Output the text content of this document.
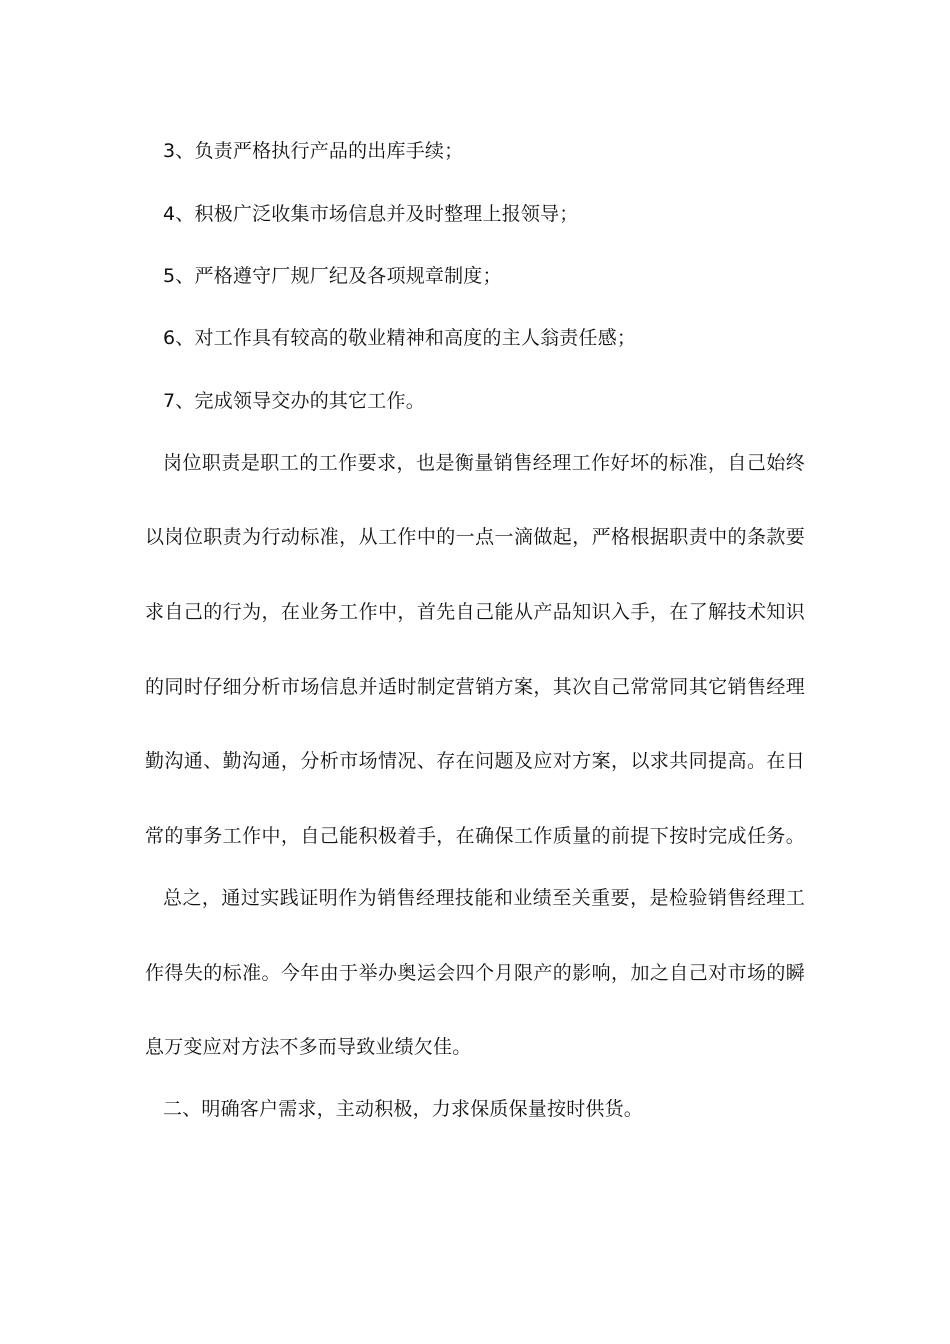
3、负责严格执行产品的出库手续；
4、积极广泛收集市场信息并及时整理上报领导；
5、严格遵守厂规厂纪及各项规章制度；
6、对工作具有较高的敬业精神和高度的主人翁责任感；
7、完成领导交办的其它工作。
岗位职责是职工的工作要求，也是衡量销售经理工作好坏的标准，自己始终
以岗位职责为行动标准，从工作中的一点一滴做起，严格根据职责中的条款要
求自己的行为，在业务工作中，首先自己能从产品知识入手，在了解技术知识
的同时仔细分析市场信息并适时制定营销方案，其次自己常常同其它销售经理
勤沟通、勤沟通，分析市场情况、存在问题及应对方案，以求共同提高。在日
常的事务工作中，自己能积极着手，在确保工作质量的前提下按时完成任务。
总之，通过实践证明作为销售经理技能和业绩至关重要，是检验销售经理工
作得失的标准。今年由于举办奥运会四个月限产的影响，加之自己对市场的瞬
息万变应对方法不多而导致业绩欠佳。
二、明确客户需求，主动积极，力求保质保量按时供货。
